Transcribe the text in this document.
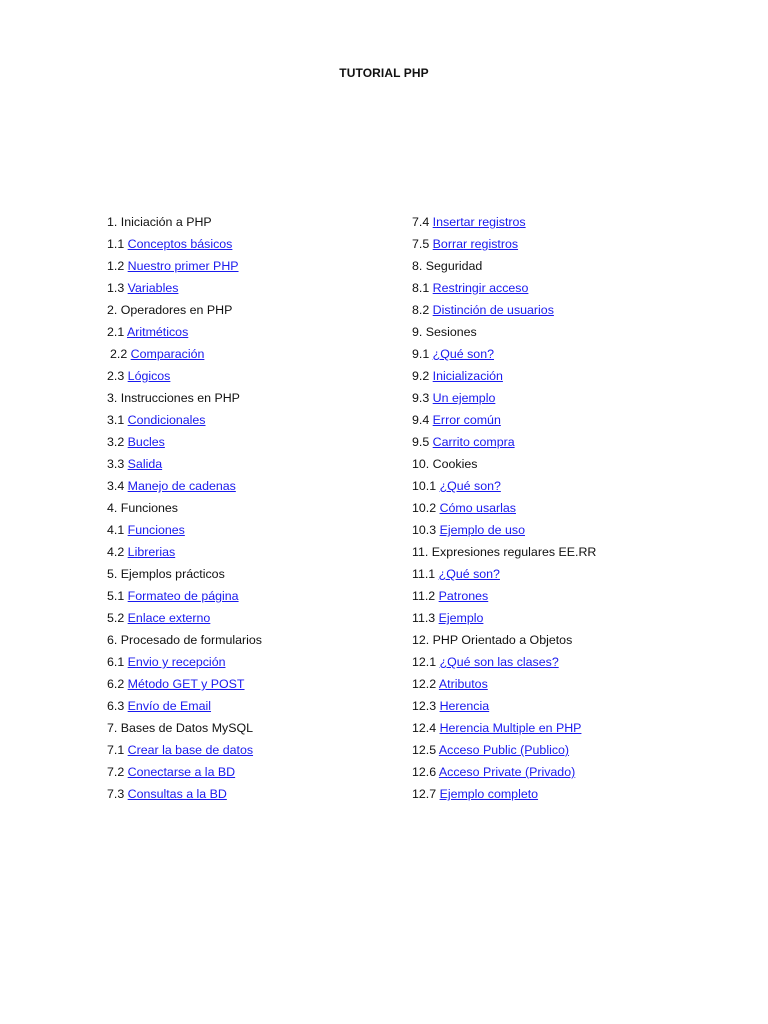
TUTORIAL PHP
1. Iniciación a PHP
1.1 Conceptos básicos
1.2 Nuestro primer PHP
1.3 Variables
2. Operadores en PHP
2.1 Aritméticos
2.2 Comparación
2.3 Lógicos
3. Instrucciones en PHP
3.1 Condicionales
3.2 Bucles
3.3 Salida
3.4 Manejo de cadenas
4. Funciones
4.1 Funciones
4.2 Librerias
5. Ejemplos prácticos
5.1 Formateo de página
5.2 Enlace externo
6. Procesado de formularios
6.1 Envio y recepción
6.2 Método GET y POST
6.3 Envío de Email
7. Bases de Datos MySQL
7.1 Crear la base de datos
7.2 Conectarse a la BD
7.3 Consultas a la BD
7.4 Insertar registros
7.5 Borrar registros
8. Seguridad
8.1 Restringir acceso
8.2 Distinción de usuarios
9. Sesiones
9.1 ¿Qué son?
9.2 Inicialización
9.3 Un ejemplo
9.4 Error común
9.5 Carrito compra
10. Cookies
10.1 ¿Qué son?
10.2 Cómo usarlas
10.3 Ejemplo de uso
11. Expresiones regulares EE.RR
11.1 ¿Qué son?
11.2 Patrones
11.3 Ejemplo
12. PHP Orientado a Objetos
12.1 ¿Qué son las clases?
12.2 Atributos
12.3 Herencia
12.4 Herencia Multiple en PHP
12.5 Acceso Public (Publico)
12.6 Acceso Private (Privado)
12.7 Ejemplo completo
